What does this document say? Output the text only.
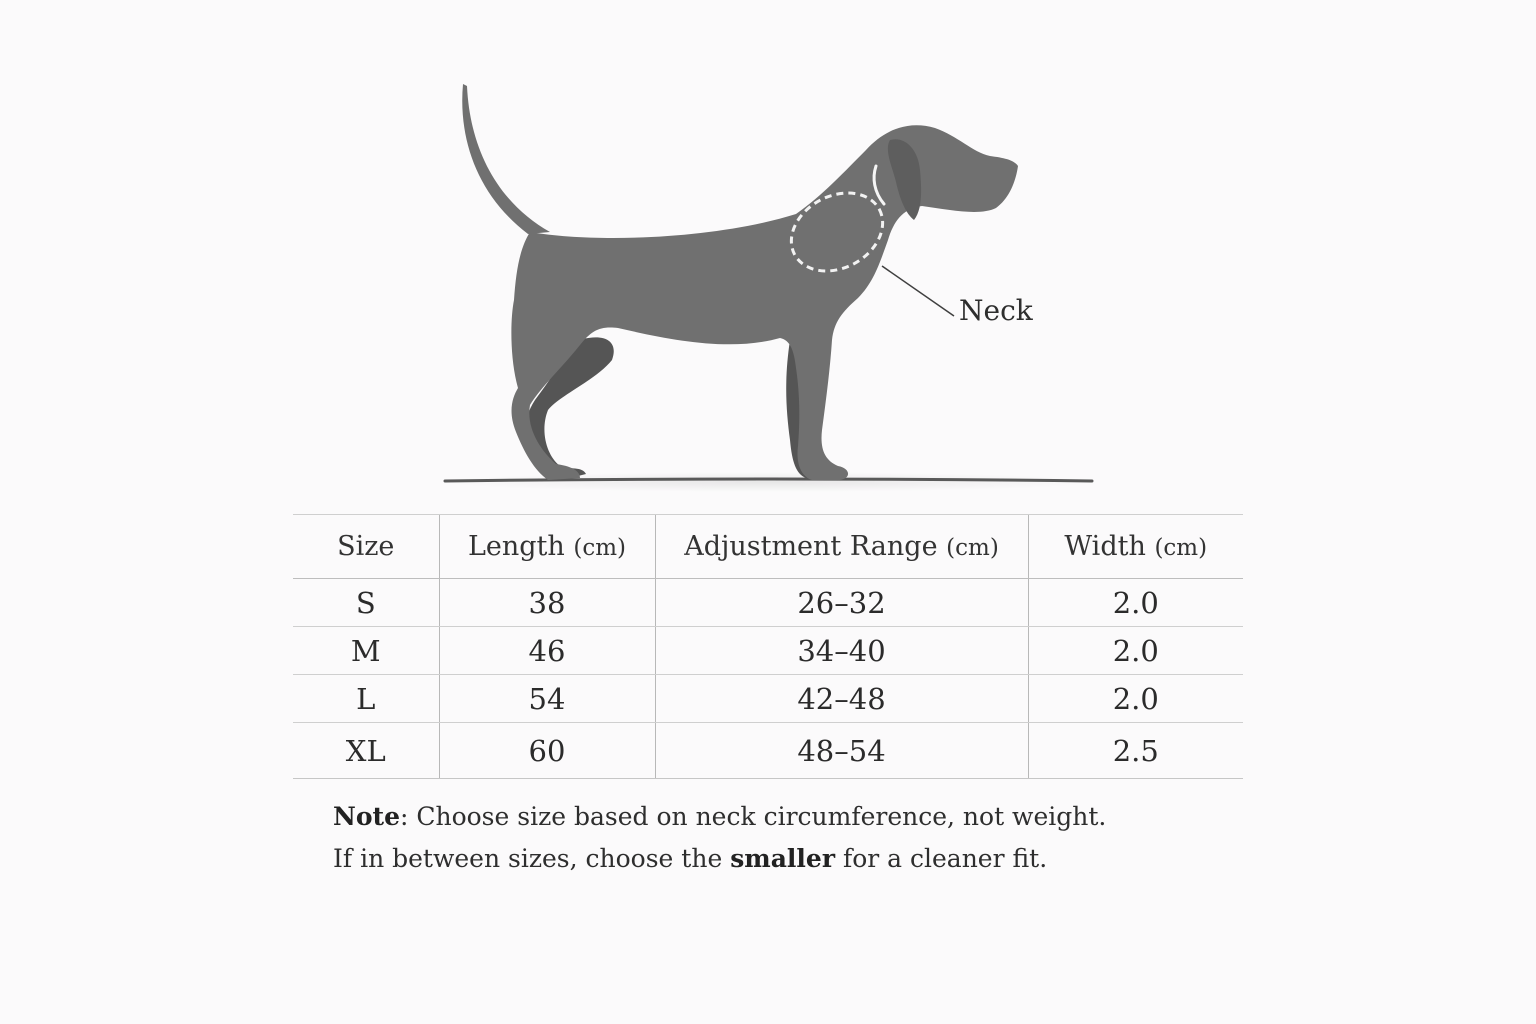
Neck
Size	Length (cm)	Adjustment Range (cm)	Width (cm)
S	38	26–32	2.0
M	46	34–40	2.0
L	54	42–48	2.0
XL	60	48–54	2.5

Note: Choose size based on neck circumference, not weight.

If in between sizes, choose the smaller for a cleaner fit.
